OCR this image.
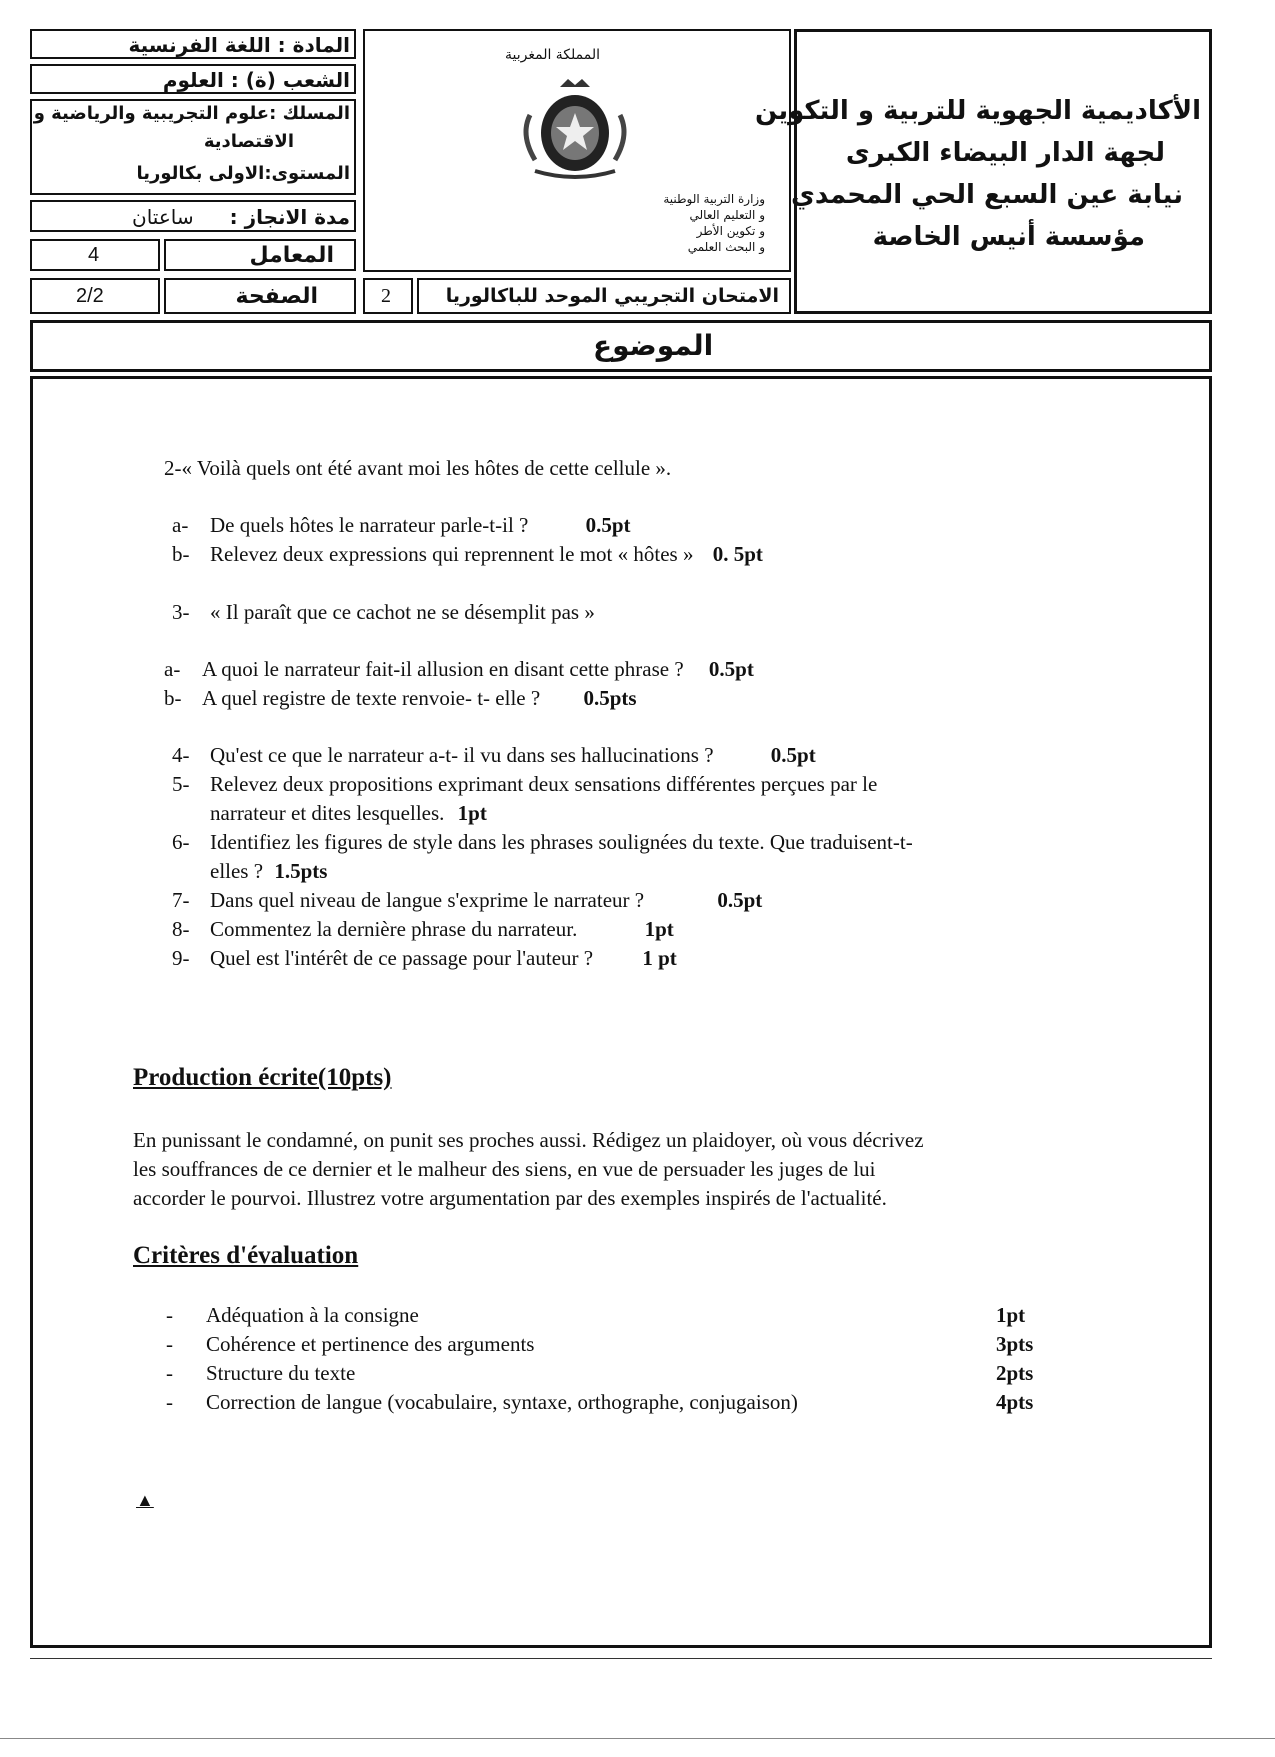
المادة : اللغة الفرنسية
الشعب (ة) : العلوم
المسلك :علوم التجريبية والرياضية و
الاقتصادية
المستوى:الاولى بكالوريا
مدة الانجاز :
ساعتان
4	المعامل
2/2	الصفحة	2	الامتحان التجريبي الموحد للباكالوريا
المملكة المغربية
وزارة التربية الوطنية
و التعليم العالي
و تكوين الأطر
و البحث العلمي
الأكاديمية الجهوية للتربية و التكوين
لجهة الدار البيضاء الكبرى
نيابة عين السبع الحي المحمدي
مؤسسة أنيس الخاصة
الموضوع
2-« Voilà quels ont été avant moi les hôtes de cette cellule ».
a- De quels hôtes le narrateur parle-t-il ?	0.5pt
b- Relevez deux expressions qui reprennent le mot « hôtes » 0. 5pt
3- « Il paraît que ce cachot ne se désemplit pas »
a- A quoi le narrateur fait-il allusion en disant cette phrase ? 0.5pt
b- A quel registre de texte renvoie- t- elle ? 0.5pts
4- Qu'est ce que le narrateur a-t- il vu dans ses hallucinations ?	0.5pt
5- Relevez deux propositions exprimant deux sensations différentes perçues par le
narrateur et dites lesquelles. 1pt
6- Identifiez les figures de style dans les phrases soulignées du texte. Que traduisent-t-
elles ? 1.5pts
7- Dans quel niveau de langue s'exprime le narrateur ?	0.5pt
8- Commentez la dernière phrase du narrateur.	1pt
9- Quel est l'intérêt de ce passage pour l'auteur ? 1 pt
Production écrite(10pts)
En punissant le condamné, on punit ses proches aussi. Rédigez un plaidoyer, où vous décrivez
les souffrances de ce dernier et le malheur des siens, en vue de persuader les juges de lui
accorder le pourvoi. Illustrez votre argumentation par des exemples inspirés de l'actualité.
Critères d'évaluation
- Adéquation à la consigne	1pt
- Cohérence et pertinence des arguments	3pts
- Structure du texte	2pts
- Correction de langue (vocabulaire, syntaxe, orthographe, conjugaison)	4pts
▲
